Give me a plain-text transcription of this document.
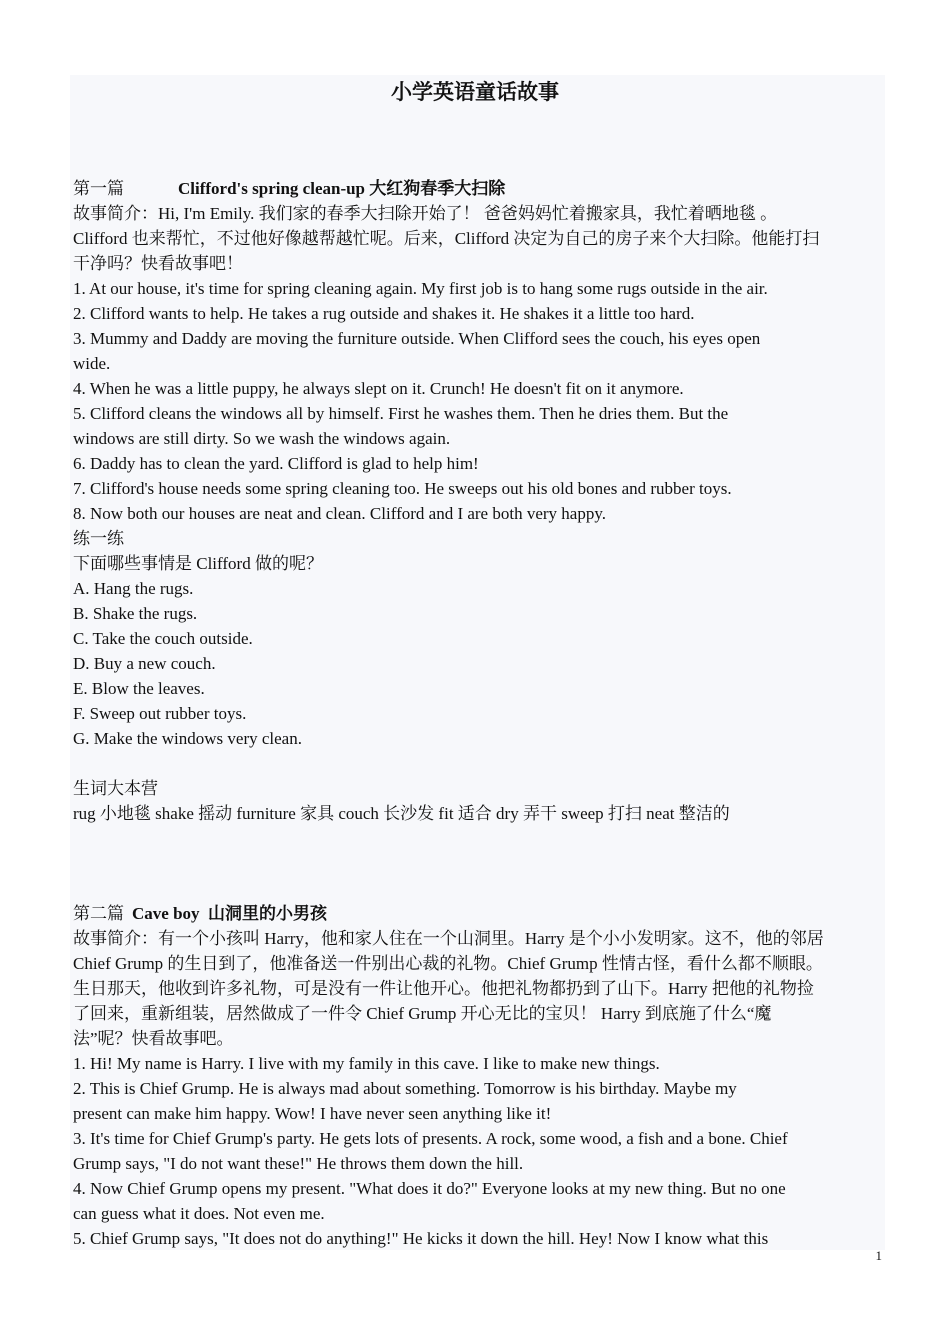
小学英语童话故事
第一篇	Clifford's spring clean-up 大红狗春季大扫除
故事简介：Hi, I'm Emily. 我们家的春季大扫除开始了！ 爸爸妈妈忙着搬家具，我忙着晒地毯 。
Clifford 也来帮忙，不过他好像越帮越忙呢。后来，Clifford 决定为自己的房子来个大扫除。他能打扫
干净吗？快看故事吧！
1. At our house, it's time for spring cleaning again. My first job is to hang some rugs outside in the air.
2. Clifford wants to help. He takes a rug outside and shakes it. He shakes it a little too hard.
3. Mummy and Daddy are moving the furniture outside. When Clifford sees the couch, his eyes open
wide.
4. When he was a little puppy, he always slept on it. Crunch! He doesn't fit on it anymore.
5. Clifford cleans the windows all by himself. First he washes them. Then he dries them. But the
windows are still dirty. So we wash the windows again.
6. Daddy has to clean the yard. Clifford is glad to help him!
7. Clifford's house needs some spring cleaning too. He sweeps out his old bones and rubber toys.
8. Now both our houses are neat and clean. Clifford and I are both very happy.
练一练
下面哪些事情是 Clifford 做的呢？
A. Hang the rugs.
B. Shake the rugs.
C. Take the couch outside.
D. Buy a new couch.
E. Blow the leaves.
F. Sweep out rubber toys.
G. Make the windows very clean.
生词大本营
rug 小地毯 shake 摇动 furniture 家具 couch 长沙发 fit 适合 dry 弄干 sweep 打扫 neat 整洁的
第二篇 Cave boy  山洞里的小男孩
故事简介：有一个小孩叫 Harry，他和家人住在一个山洞里。Harry 是个小小发明家。这不，他的邻居
Chief Grump 的生日到了，他准备送一件别出心裁的礼物。Chief Grump 性情古怪，看什么都不顺眼。
生日那天，他收到许多礼物，可是没有一件让他开心。他把礼物都扔到了山下。Harry 把他的礼物捡
了回来，重新组装，居然做成了一件令 Chief Grump 开心无比的宝贝！ Harry 到底施了什么“魔
法”呢？快看故事吧。
1. Hi! My name is Harry. I live with my family in this cave. I like to make new things.
2. This is Chief Grump. He is always mad about something. Tomorrow is his birthday. Maybe my
present can make him happy. Wow! I have never seen anything like it!
3. It's time for Chief Grump's party. He gets lots of presents. A rock, some wood, a fish and a bone. Chief
Grump says, "I do not want these!" He throws them down the hill.
4. Now Chief Grump opens my present. "What does it do?" Everyone looks at my new thing. But no one
can guess what it does. Not even me.
5. Chief Grump says, "It does not do anything!" He kicks it down the hill. Hey! Now I know what this
1
